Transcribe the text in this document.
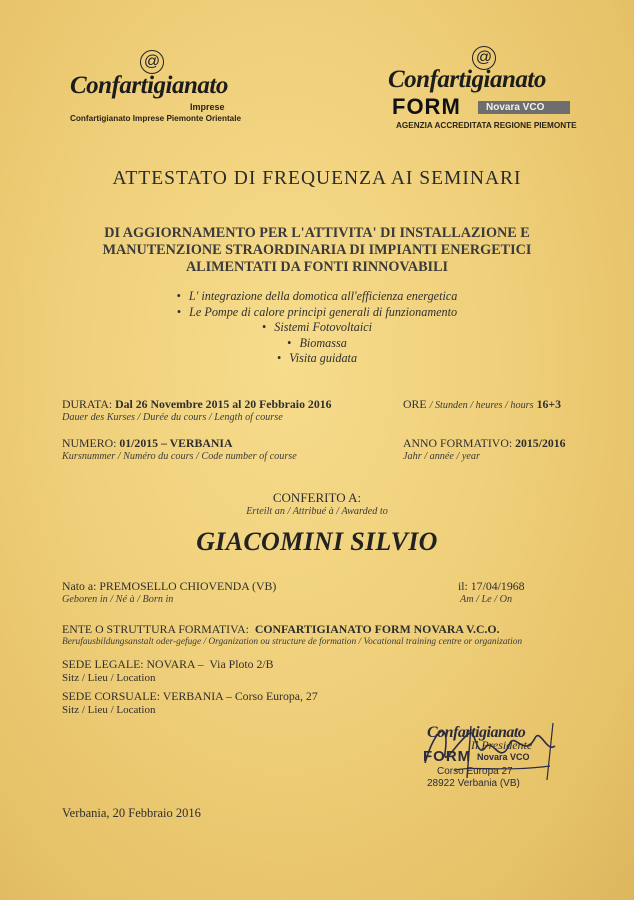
@
Confartigianato
Imprese
Confartigianato Imprese Piemonte Orientale
@
Confartigianato
FORM	Novara VCO
AGENZIA ACCREDITATA REGIONE PIEMONTE
ATTESTATO DI FREQUENZA AI SEMINARI
DI AGGIORNAMENTO PER L'ATTIVITA' DI INSTALLAZIONE E
MANUTENZIONE STRAORDINARIA DI IMPIANTI ENERGETICI
ALIMENTATI DA FONTI RINNOVABILI
• L' integrazione della domotica all'efficienza energetica
• Le Pompe di calore principi generali di funzionamento
• Sistemi Fotovoltaici
• Biomassa
• Visita guidata
DURATA: Dal 26 Novembre 2015 al 20 Febbraio 2016
Dauer des Kurses / Durée du cours / Length of course
ORE / Stunden / heures / hours 16+3
NUMERO: 01/2015 – VERBANIA
Kursnummer / Numéro du cours / Code number of course
ANNO FORMATIVO: 2015/2016
Jahr / année / year
CONFERITO A:
Erteilt an / Attribué à / Awarded to
GIACOMINI SILVIO
Nato a: PREMOSELLO CHIOVENDA (VB)
Geboren in / Né à / Born in
il: 17/04/1968
Am / Le / On
ENTE O STRUTTURA FORMATIVA: CONFARTIGIANATO FORM NOVARA V.C.O.
Berufausbildungsanstalt oder-gefuge / Organization ou structure de formation / Vocational training centre or organization
SEDE LEGALE: NOVARA –  Via Ploto 2/B
Sitz / Lieu / Location
SEDE CORSUALE: VERBANIA – Corso Europa, 27
Sitz / Lieu / Location
Confartigianato
Il Presidente
FORM Novara VCO
Corso Europa 27
28922 Verbania (VB)
Verbania, 20 Febbraio 2016
